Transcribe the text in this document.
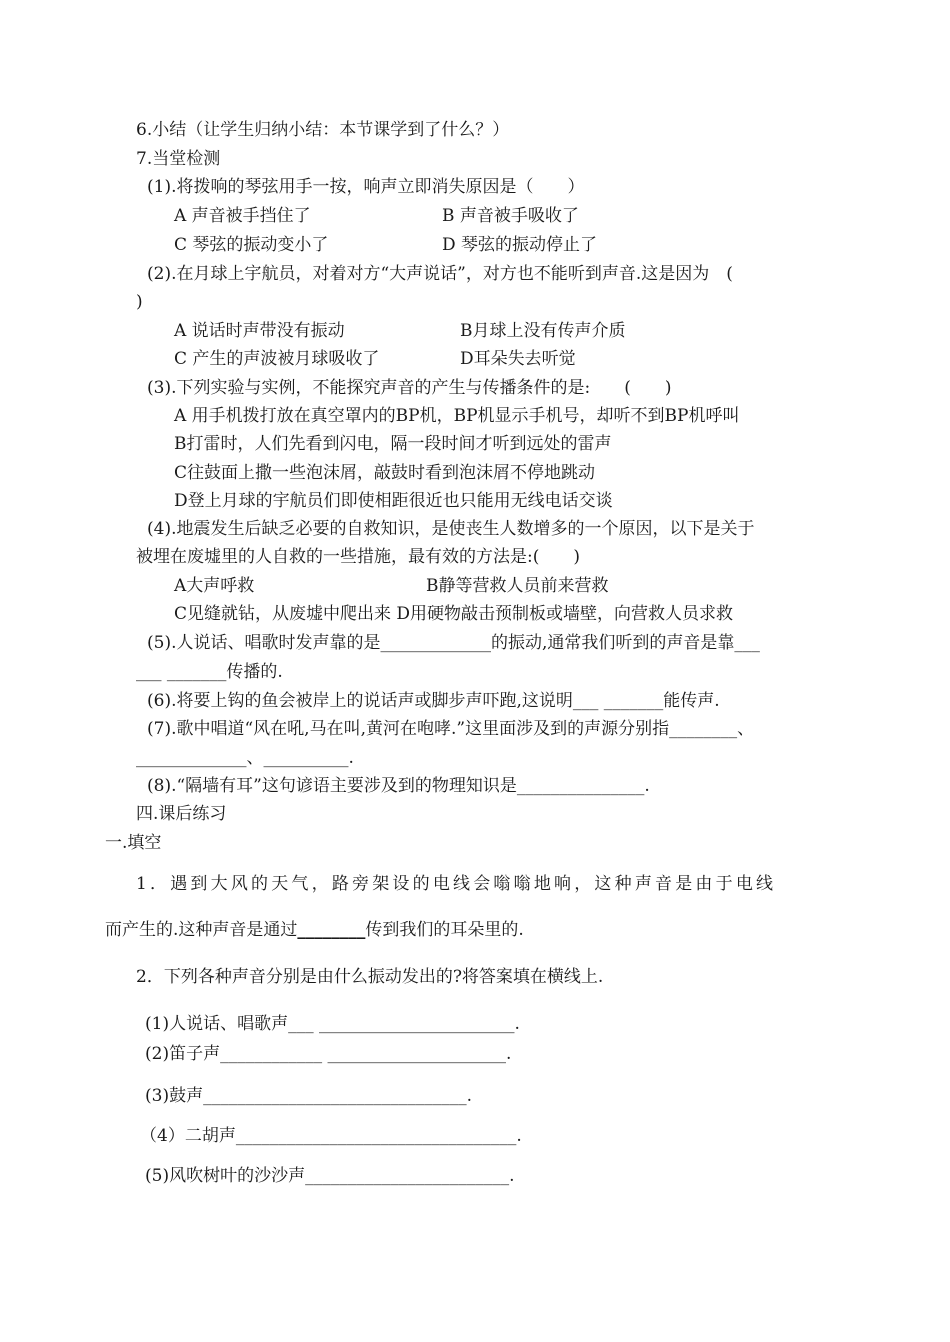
6.小结（让学生归纳小结：本节课学到了什么？）
7.当堂检测
(1).将拨响的琴弦用手一按，响声立即消失原因是（　　）
A 声音被手挡住了	B 声音被手吸收了
C 琴弦的振动变小了	D 琴弦的振动停止了
(2).在月球上宇航员，对着对方“大声说话”，对方也不能听到声音.这是因为　(
)
A 说话时声带没有振动	B月球上没有传声介质
C 产生的声波被月球吸收了	D耳朵失去听觉
(3).下列实验与实例，不能探究声音的产生与传播条件的是:　　(　　)
A 用手机拨打放在真空罩内的BP机，BP机显示手机号，却听不到BP机呼叫
B打雷时，人们先看到闪电，隔一段时间才听到远处的雷声
C往鼓面上撒一些泡沫屑，敲鼓时看到泡沫屑不停地跳动
D登上月球的宇航员们即使相距很近也只能用无线电话交谈
(4).地震发生后缺乏必要的自救知识，是使丧生人数增多的一个原因，以下是关于
被埋在废墟里的人自救的一些措施，最有效的方法是:(　　)
A大声呼救	B静等营救人员前来营救
C见缝就钻，从废墟中爬出来 D用硬物敲击预制板或墙壁，向营救人员求救
(5).人说话、唱歌时发声靠的是_____________的振动,通常我们听到的声音是靠___
___ _______传播的.
(6).将要上钩的鱼会被岸上的说话声或脚步声吓跑,这说明___ _______能传声.
(7).歌中唱道“风在吼,马在叫,黄河在咆哮.”这里面涉及到的声源分别指________、
_____________、__________.
(8).“隔墙有耳”这句谚语主要涉及到的物理知识是_______________.
四.课后练习
一.填空
1．遇到大风的天气，路旁架设的电线会嗡嗡地响，这种声音是由于电线
而产生的.这种声音是通过________传到我们的耳朵里的.
2．下列各种声音分别是由什么振动发出的?将答案填在横线上.
(1)人说话、唱歌声___ _______________________.
(2)笛子声____________ _____________________.
(3)鼓声_______________________________.
（4）二胡声_________________________________.
(5)风吹树叶的沙沙声________________________.
